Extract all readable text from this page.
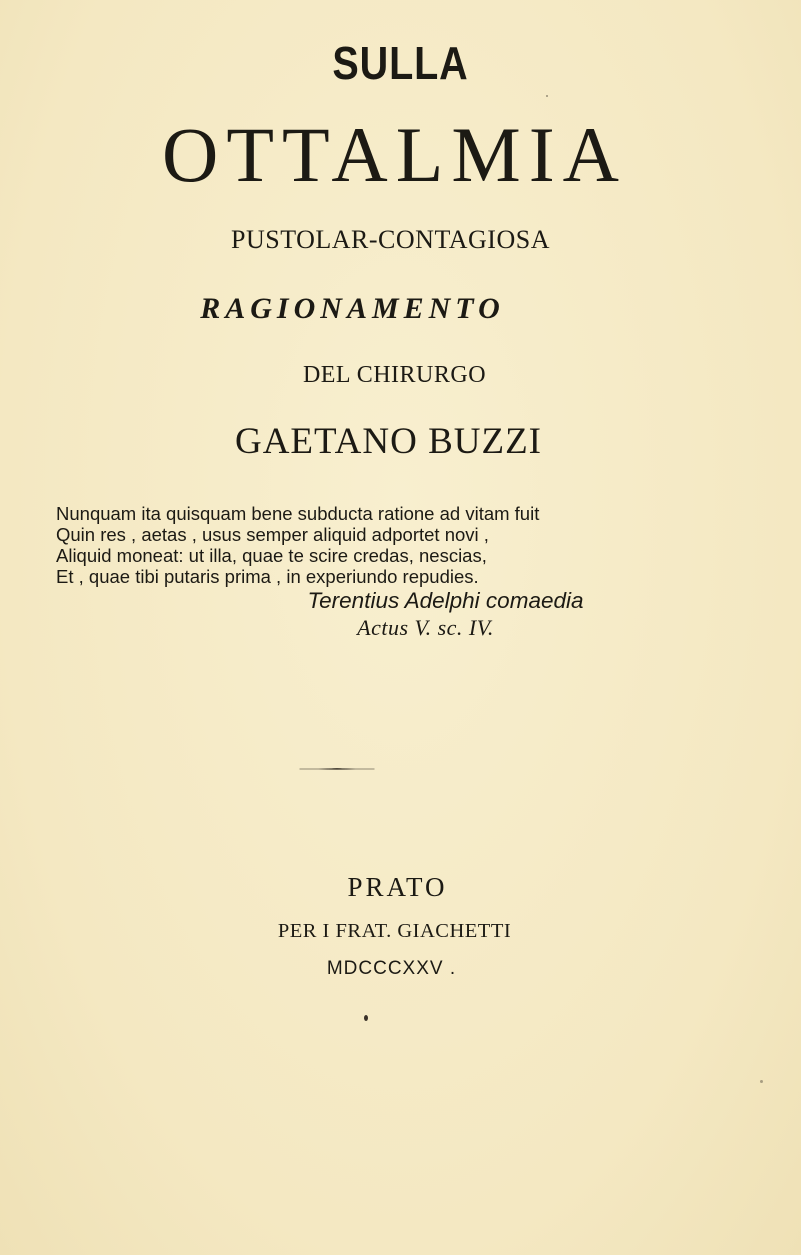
SULLA
OTTALMIA
PUSTOLAR-CONTAGIOSA
RAGIONAMENTO
DEL CHIRURGO
GAETANO BUZZI
Nunquam ita quisquam bene subducta ratione ad vitam fuit
Quin res , aetas , usus semper aliquid adportet novi ,
Aliquid moneat: ut illa, quae te scire credas, nescias,
Et , quae tibi putaris prima , in experiundo repudies.
Terentius Adelphi comaedia
Actus V. sc. IV.
PRATO
PER I FRAT. GIACHETTI
MDCCCXXV .
